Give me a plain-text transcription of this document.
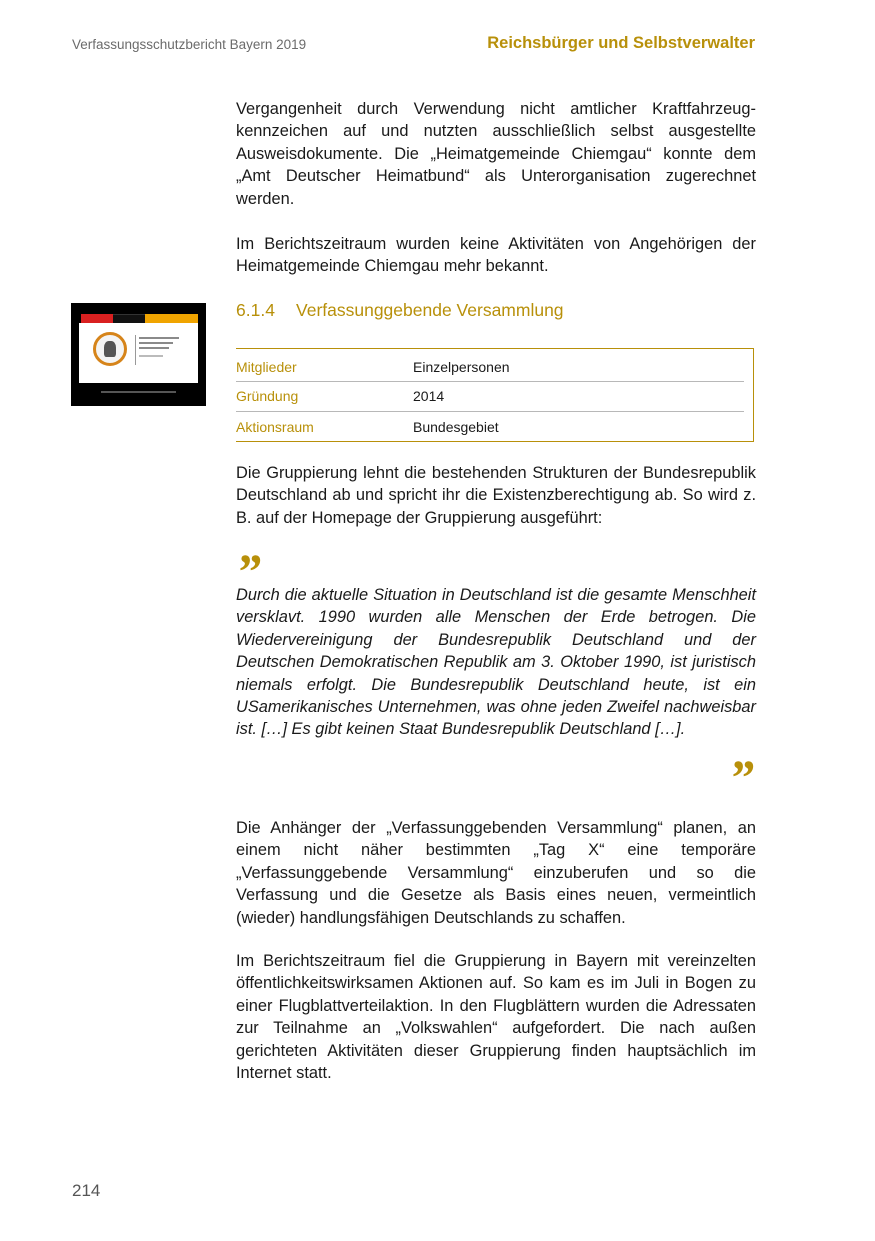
Verfassungsschutzbericht Bayern 2019	Reichsbürger und Selbstverwalter

Vergangenheit durch Verwendung nicht amtlicher Kraftfahrzeugkennzeichen auf und nutzten ausschließlich selbst ausgestellte Ausweisdokumente. Die „Heimatgemeinde Chiemgau“ konnte dem „Amt Deutscher Heimatbund“ als Unterorganisation zugerechnet werden.

Im Berichtszeitraum wurden keine Aktivitäten von Angehörigen der Heimatgemeinde Chiemgau mehr bekannt.

6.1.4 Verfassunggebende Versammlung
Mitglieder	Einzelpersonen
Gründung	2014
Aktionsraum	Bundesgebiet

Die Gruppierung lehnt die bestehenden Strukturen der Bundesrepublik Deutschland ab und spricht ihr die Existenzberechtigung ab. So wird z. B. auf der Homepage der Gruppierung ausgeführt:

”

Durch die aktuelle Situation in Deutschland ist die gesamte Menschheit versklavt. 1990 wurden alle Menschen der Erde betrogen. Die Wiedervereinigung der Bundesrepublik Deutschland und der Deutschen Demokratischen Republik am 3. Oktober 1990, ist juristisch niemals erfolgt. Die Bundesrepublik Deutschland heute, ist ein USamerikanisches Unternehmen, was ohne jeden Zweifel nachweisbar ist. […] Es gibt keinen Staat Bundesrepublik Deutschland […].

”

Die Anhänger der „Verfassunggebenden Versammlung“ planen, an einem nicht näher bestimmten „Tag X“ eine temporäre „Verfassunggebende Versammlung“ einzuberufen und so die Verfassung und die Gesetze als Basis eines neuen, vermeintlich (wieder) handlungsfähigen Deutschlands zu schaffen.

Im Berichtszeitraum fiel die Gruppierung in Bayern mit vereinzelten öffentlichkeitswirksamen Aktionen auf. So kam es im Juli in Bogen zu einer Flugblattverteilaktion. In den Flugblättern wurden die Adressaten zur Teilnahme an „Volkswahlen“ aufgefordert. Die nach außen gerichteten Aktivitäten dieser Gruppierung finden hauptsächlich im Internet statt.

214
